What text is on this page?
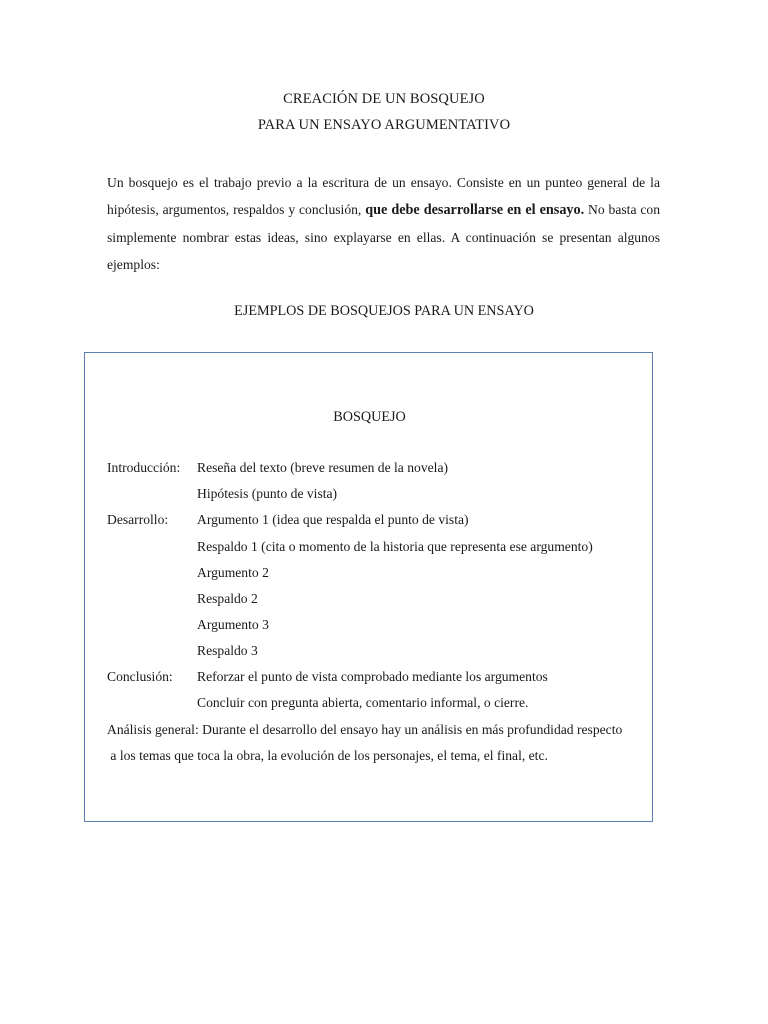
CREACIÓN DE UN BOSQUEJO
PARA UN ENSAYO ARGUMENTATIVO

Un bosquejo es el trabajo previo a la escritura de un ensayo. Consiste en un punteo general de la hipótesis, argumentos, respaldos y conclusión, que debe desarrollarse en el ensayo. No basta con simplemente nombrar estas ideas, sino explayarse en ellas. A continuación se presentan algunos ejemplos:

EJEMPLOS DE BOSQUEJOS PARA UN ENSAYO
BOSQUEJO
Introducción: Reseña del texto (breve resumen de la novela)
Hipótesis (punto de vista)
Desarrollo: Argumento 1 (idea que respalda el punto de vista)
Respaldo 1 (cita o momento de la historia que representa ese argumento)
Argumento 2
Respaldo 2
Argumento 3
Respaldo 3
Conclusión: Reforzar el punto de vista comprobado mediante los argumentos
Concluir con pregunta abierta, comentario informal, o cierre.
Análisis general: Durante el desarrollo del ensayo hay un análisis en más profundidad respecto
a los temas que toca la obra, la evolución de los personajes, el tema, el final, etc.
